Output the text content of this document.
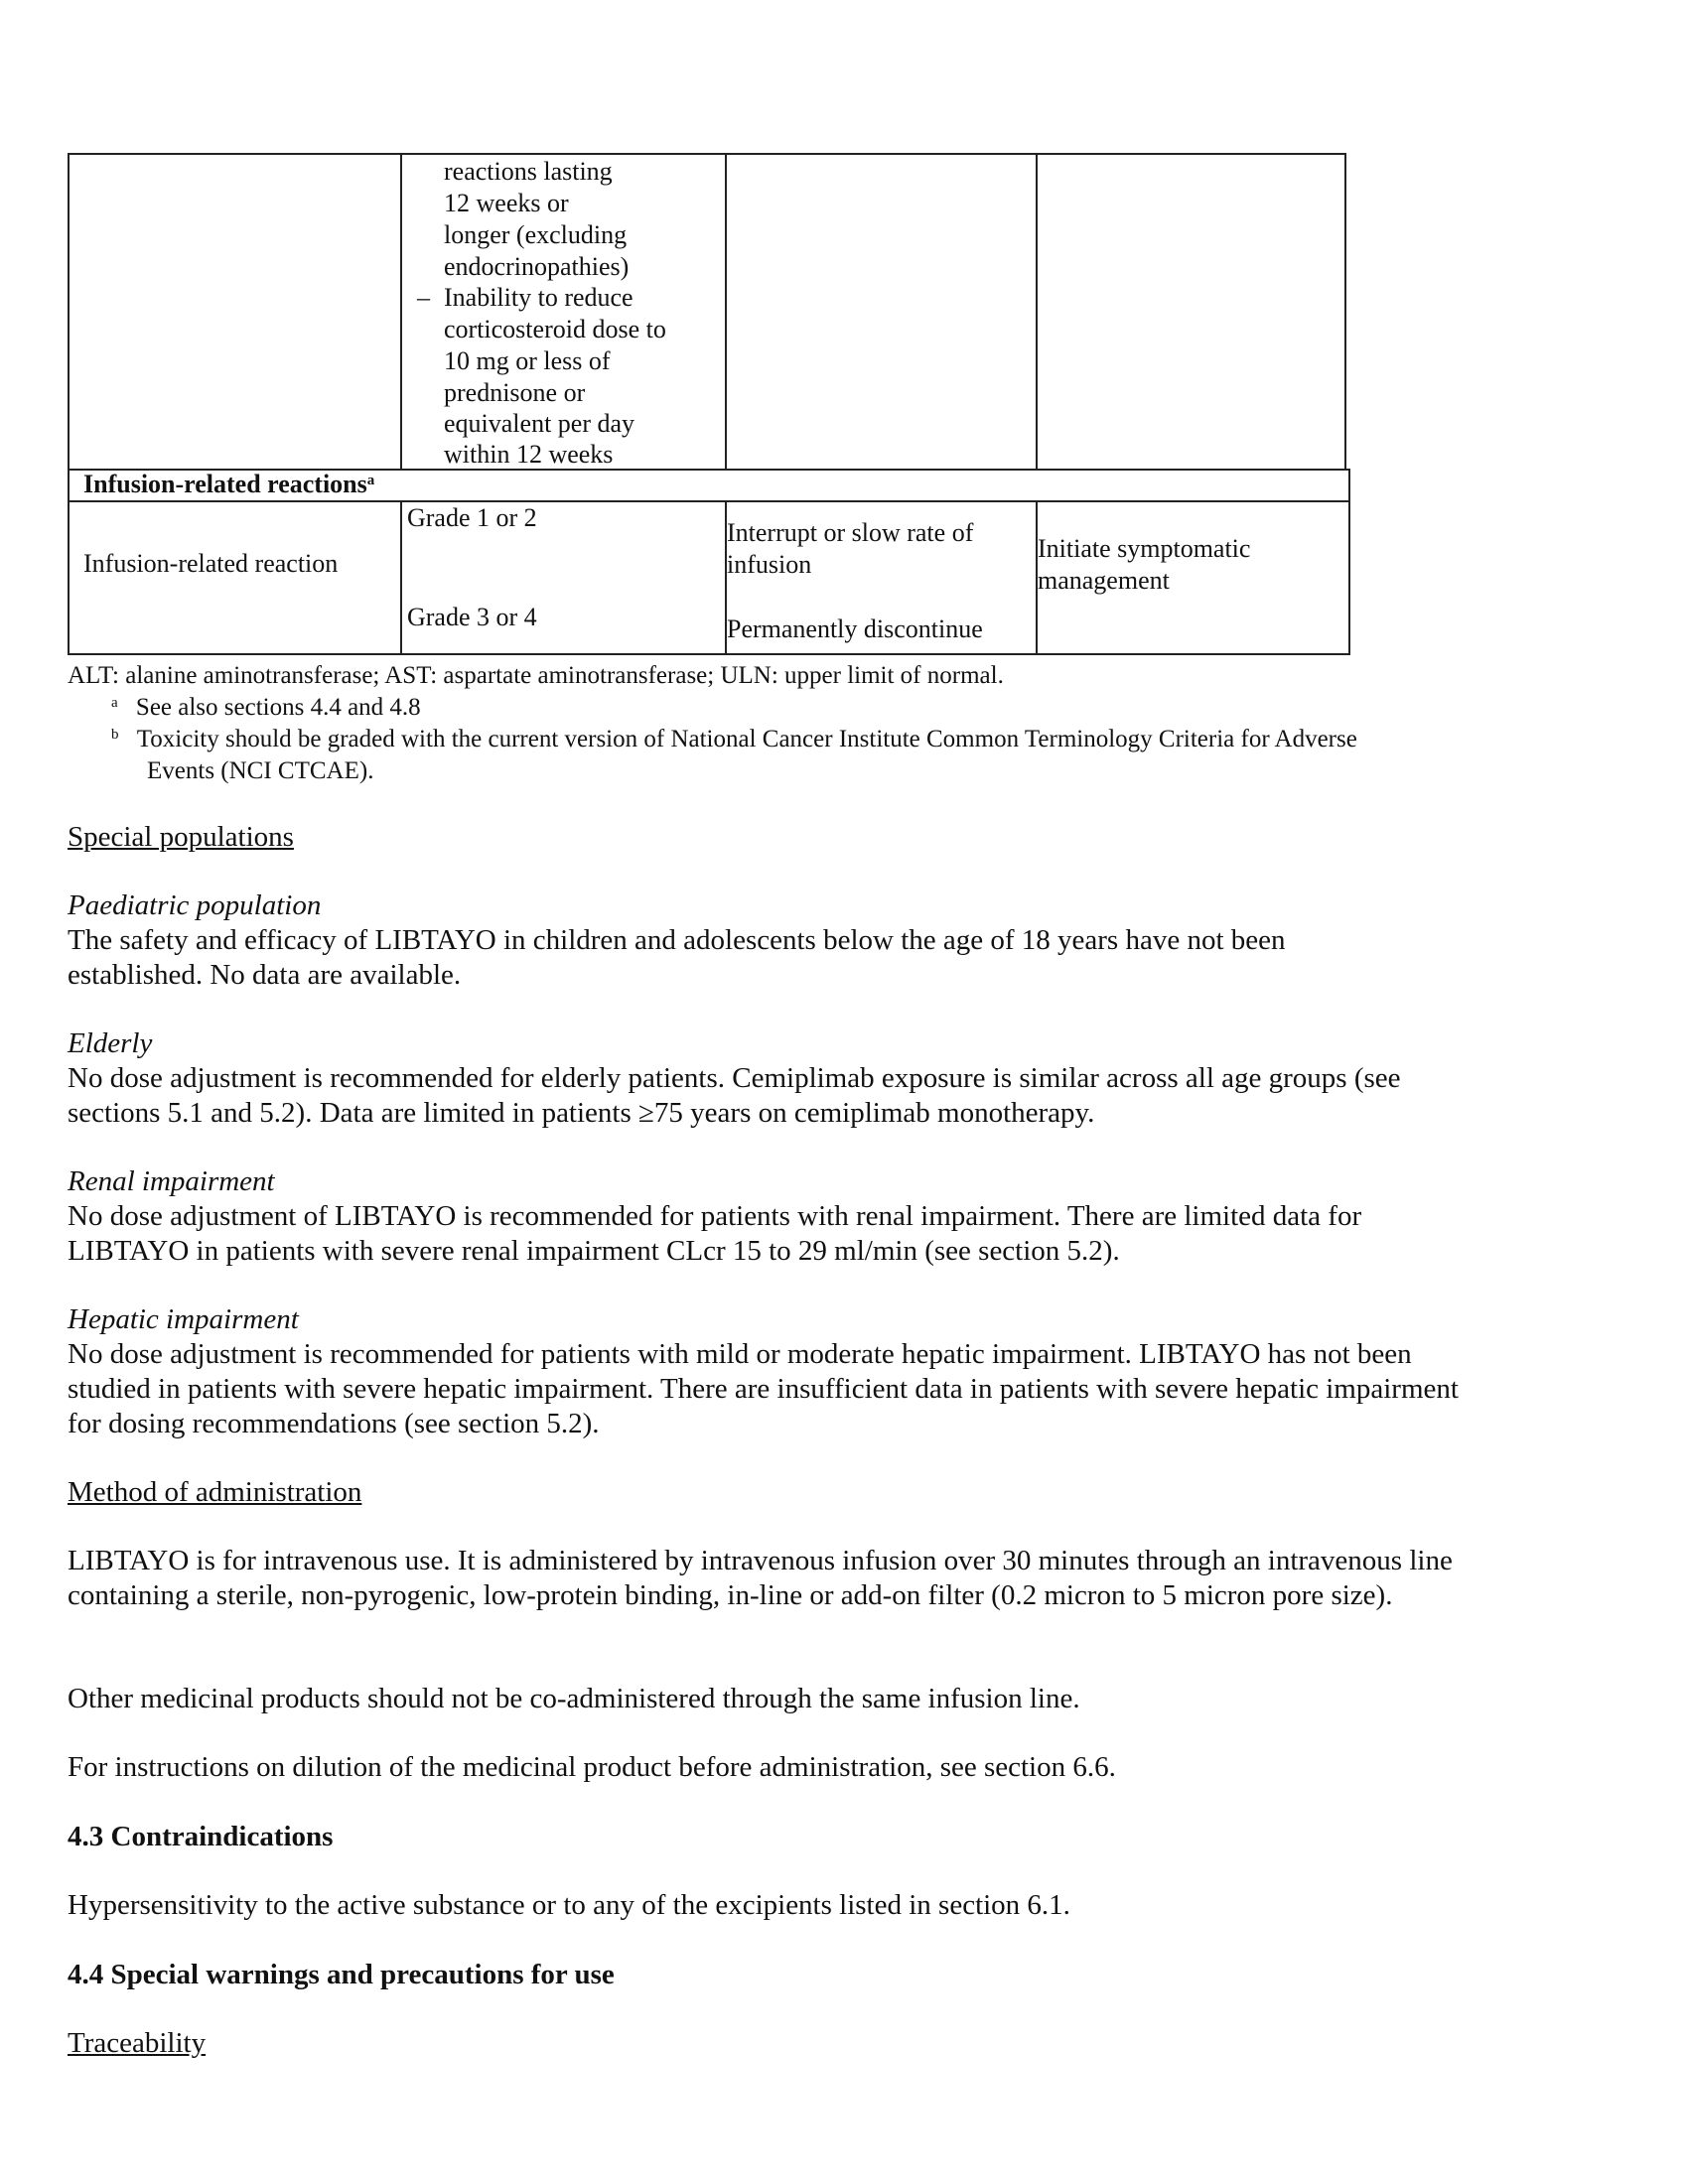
reactions lasting
12 weeks or
longer (excluding
endocrinopathies)
– Inability to reduce
corticosteroid dose to
10 mg or less of
prednisone or
equivalent per day
within 12 weeks
Infusion-related reactions$^a$
Infusion-related reaction
Grade 1 or 2
Grade 3 or 4
Interrupt or slow rate of infusion
Permanently discontinue
Initiate symptomatic management
ALT: alanine aminotransferase; AST: aspartate aminotransferase; ULN: upper limit of normal.
$^a$ See also sections 4.4 and 4.8
$^b$ Toxicity should be graded with the current version of National Cancer Institute Common Terminology Criteria for Adverse
Events (NCI CTCAE).
Special populations
Paediatric population
The safety and efficacy of LIBTAYO in children and adolescents below the age of 18 years have not been established. No data are available.
Elderly
No dose adjustment is recommended for elderly patients. Cemiplimab exposure is similar across all age groups (see sections 5.1 and 5.2). Data are limited in patients ≥75 years on cemiplimab monotherapy.
Renal impairment
No dose adjustment of LIBTAYO is recommended for patients with renal impairment. There are limited data for LIBTAYO in patients with severe renal impairment CLcr 15 to 29 ml/min (see section 5.2).
Hepatic impairment
No dose adjustment is recommended for patients with mild or moderate hepatic impairment. LIBTAYO has not been studied in patients with severe hepatic impairment. There are insufficient data in patients with severe hepatic impairment for dosing recommendations (see section 5.2).
Method of administration
LIBTAYO is for intravenous use. It is administered by intravenous infusion over 30 minutes through an intravenous line containing a sterile, non-pyrogenic, low-protein binding, in-line or add-on filter (0.2 micron to 5 micron pore size).
Other medicinal products should not be co-administered through the same infusion line.
For instructions on dilution of the medicinal product before administration, see section 6.6.
4.3 Contraindications
Hypersensitivity to the active substance or to any of the excipients listed in section 6.1.
4.4 Special warnings and precautions for use
Traceability
